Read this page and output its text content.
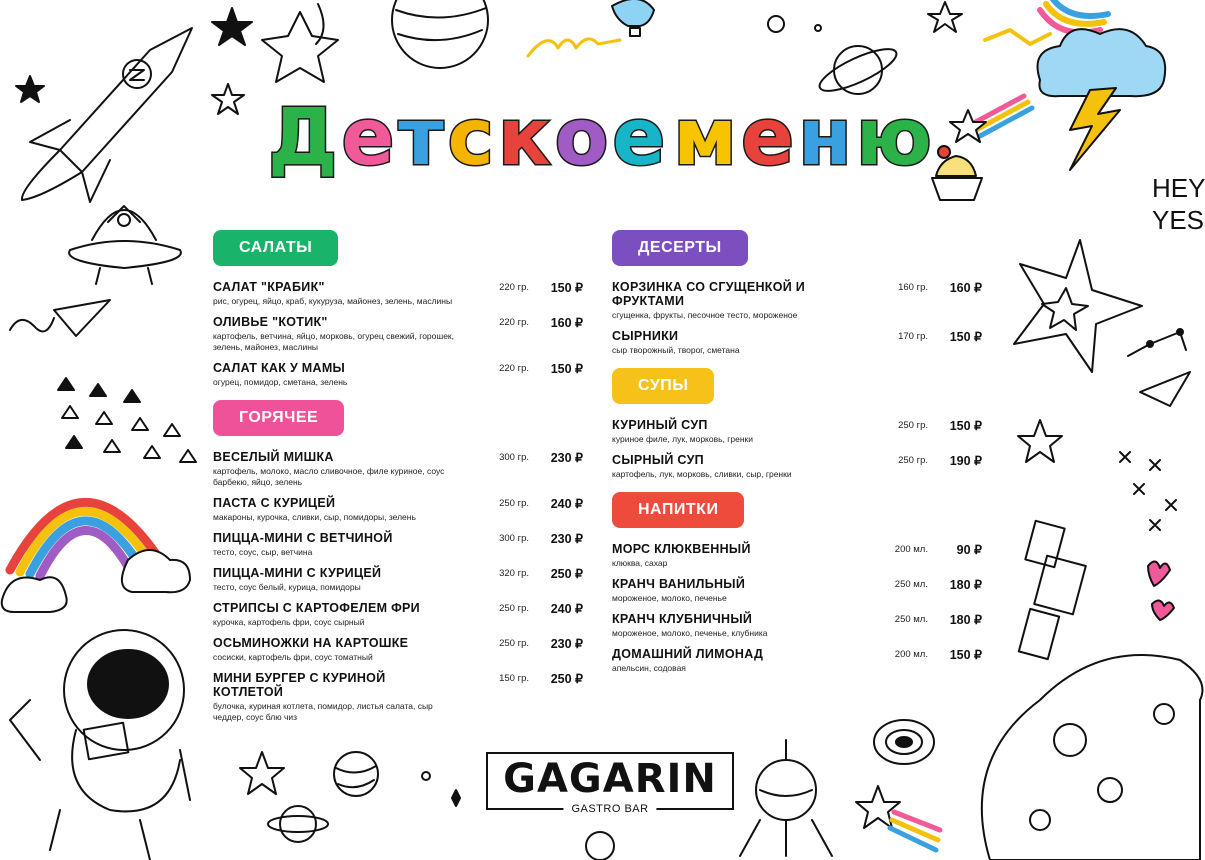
HEY
YES
Д е т с к о е м е н ю
САЛАТЫ
САЛАТ "КРАБИК"
рис, огурец, яйцо, краб, кукуруза, майонез, зелень, маслины
220 гр. 150 ₽
ОЛИВЬЕ "КОТИК"
картофель, ветчина, яйцо, морковь, огурец свежий, горошек, зелень, майонез, маслины
220 гр. 160 ₽
САЛАТ КАК У МАМЫ
огурец, помидор, сметана, зелень
220 гр. 150 ₽
ГОРЯЧЕЕ
ВЕСЕЛЫЙ МИШКА
картофель, молоко, масло сливочное, филе куриное, соус барбекю, яйцо, зелень
300 гр. 230 ₽
ПАСТА С КУРИЦЕЙ
макароны, курочка, сливки, сыр, помидоры, зелень
250 гр. 240 ₽
ПИЦЦА-МИНИ С ВЕТЧИНОЙ
тесто, соус, сыр, ветчина
300 гр. 230 ₽
ПИЦЦА-МИНИ С КУРИЦЕЙ
тесто, соус белый, курица, помидоры
320 гр. 250 ₽
СТРИПСЫ С КАРТОФЕЛЕМ ФРИ
курочка, картофель фри, соус сырный
250 гр. 240 ₽
ОСЬМИНОЖКИ НА КАРТОШКЕ
сосиски, картофель фри, соус томатный
250 гр. 230 ₽
МИНИ БУРГЕР С КУРИНОЙ КОТЛЕТОЙ
булочка, куриная котлета, помидор, листья салата, сыр чеддер, соус блю чиз
150 гр. 250 ₽
ДЕСЕРТЫ
КОРЗИНКА СО СГУЩЕНКОЙ И ФРУКТАМИ
сгущенка, фрукты, песочное тесто, мороженое
160 гр. 160 ₽
СЫРНИКИ
сыр творожный, творог, сметана
170 гр. 150 ₽
СУПЫ
КУРИНЫЙ СУП
куриное филе, лук, морковь, гренки
250 гр. 150 ₽
СЫРНЫЙ СУП
картофель, лук, морковь, сливки, сыр, гренки
250 гр. 190 ₽
НАПИТКИ
МОРС КЛЮКВЕННЫЙ
клюква, сахар
200 мл. 90 ₽
КРАНЧ ВАНИЛЬНЫЙ
мороженое, молоко, печенье
250 мл. 180 ₽
КРАНЧ КЛУБНИЧНЫЙ
мороженое, молоко, печенье, клубника
250 мл. 180 ₽
ДОМАШНИЙ ЛИМОНАД
апельсин, содовая
200 мл. 150 ₽
GAGARIN
GASTRO BAR
